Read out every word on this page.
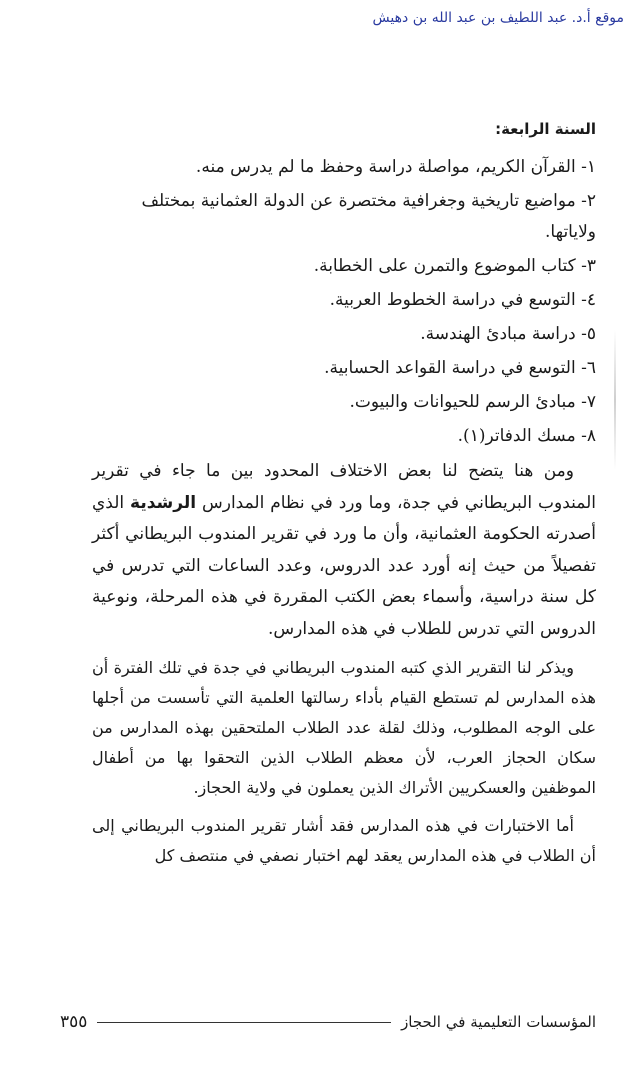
موقع أ.د. عبد اللطيف بن عبد الله بن دهيش
السنة الرابعة:
١- القرآن الكريم، مواصلة دراسة وحفظ ما لم يدرس منه.
٢- مواضيع تاريخية وجغرافية مختصرة عن الدولة العثمانية بمختلف ولاياتها.
٣- كتاب الموضوع والتمرن على الخطابة.
٤- التوسع في دراسة الخطوط العربية.
٥- دراسة مبادئ الهندسة.
٦- التوسع في دراسة القواعد الحسابية.
٧- مبادئ الرسم للحيوانات والبيوت.
٨- مسك الدفاتر(١).

ومن هنا يتضح لنا بعض الاختلاف المحدود بين ما جاء في تقرير المندوب البريطاني في جدة، وما ورد في نظام المدارس الرشدية الذي أصدرته الحكومة العثمانية، وأن ما ورد في تقرير المندوب البريطاني أكثر تفصيلاً من حيث إنه أورد عدد الدروس، وعدد الساعات التي تدرس في كل سنة دراسية، وأسماء بعض الكتب المقررة في هذه المرحلة، ونوعية الدروس التي تدرس للطلاب في هذه المدارس.

ويذكر لنا التقرير الذي كتبه المندوب البريطاني في جدة في تلك الفترة أن هذه المدارس لم تستطع القيام بأداء رسالتها العلمية التي تأسست من أجلها على الوجه المطلوب، وذلك لقلة عدد الطلاب الملتحقين بهذه المدارس من سكان الحجاز العرب، لأن معظم الطلاب الذين التحقوا بها من أطفال الموظفين والعسكريين الأتراك الذين يعملون في ولاية الحجاز.

أما الاختبارات في هذه المدارس فقد أشار تقرير المندوب البريطاني إلى أن الطلاب في هذه المدارس يعقد لهم اختبار نصفي في منتصف كل

المؤسسات التعليمية في الحجاز
٣٥٥
